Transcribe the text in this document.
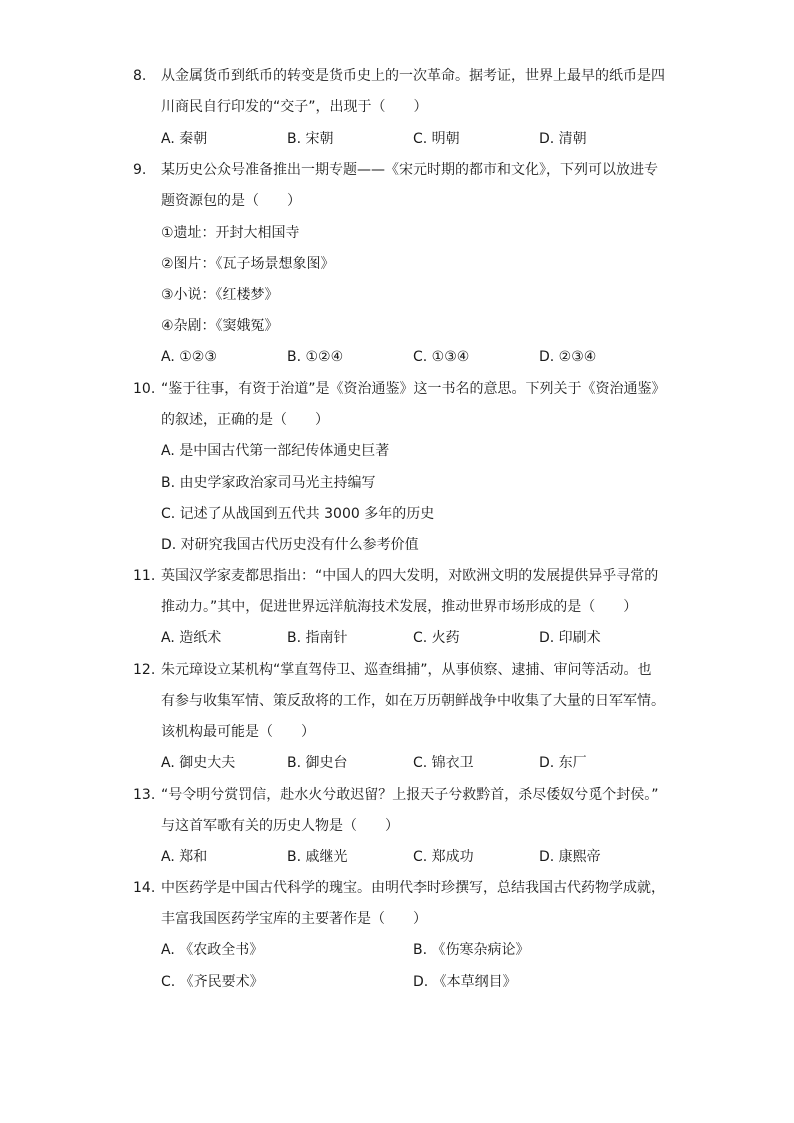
8. 从金属货币到纸币的转变是货币史上的一次革命。据考证，世界上最早的纸币是四
川商民自行印发的“交子”，出现于（　　）
A. 秦朝	B. 宋朝	C. 明朝	D. 清朝
9. 某历史公众号准备推出一期专题——《宋元时期的都市和文化》，下列可以放进专
题资源包的是（　　）
①遗址：开封大相国寺
②图片：《瓦子场景想象图》
③小说：《红楼梦》
④杂剧：《窦娥冤》
A. ①②③	B. ①②④	C. ①③④	D. ②③④
10. “鉴于往事，有资于治道”是《资治通鉴》这一书名的意思。下列关于《资治通鉴》
的叙述，正确的是（　　）
A. 是中国古代第一部纪传体通史巨著
B. 由史学家政治家司马光主持编写
C. 记述了从战国到五代共 3000 多年的历史
D. 对研究我国古代历史没有什么参考价值
11. 英国汉学家麦都思指出：“中国人的四大发明，对欧洲文明的发展提供异乎寻常的
推动力。”其中，促进世界远洋航海技术发展，推动世界市场形成的是（　　）
A. 造纸术	B. 指南针	C. 火药	D. 印刷术
12. 朱元璋设立某机构“掌直驾侍卫、巡查缉捕”，从事侦察、逮捕、审问等活动。也
有参与收集军情、策反敌将的工作，如在万历朝鲜战争中收集了大量的日军军情。
该机构最可能是（　　）
A. 御史大夫	B. 御史台	C. 锦衣卫	D. 东厂
13. “号令明兮赏罚信，赴水火兮敢迟留？上报天子兮救黔首，杀尽倭奴兮觅个封侯。”
与这首军歌有关的历史人物是（　　）
A. 郑和	B. 戚继光	C. 郑成功	D. 康熙帝
14. 中医药学是中国古代科学的瑰宝。由明代李时珍撰写，总结我国古代药物学成就，
丰富我国医药学宝库的主要著作是（　　）
A. 《农政全书》	B. 《伤寒杂病论》
C. 《齐民要术》	D. 《本草纲目》
